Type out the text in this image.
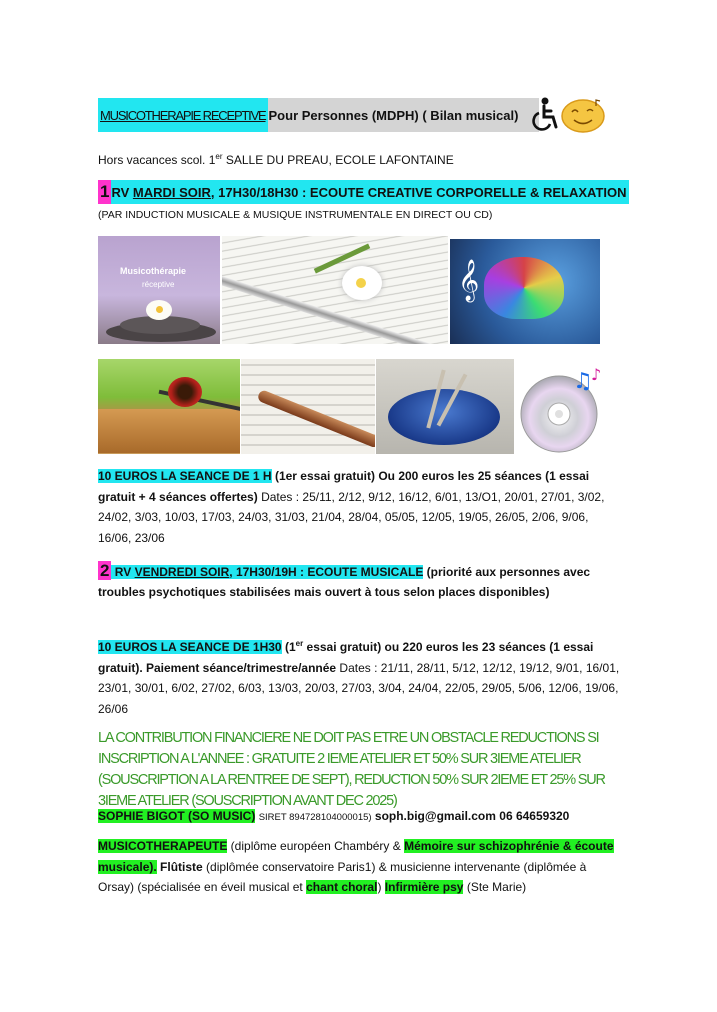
MUSICOTHERAPIE RECEPTIVE Pour Personnes (MDPH) ( Bilan musical)
Hors vacances scol. 1er SALLE DU PREAU, ECOLE LAFONTAINE
1 RV MARDI SOIR , 17H30/18H30 : ECOUTE CREATIVE CORPORELLE & RELAXATION
(PAR INDUCTION MUSICALE & MUSIQUE INSTRUMENTALE EN DIRECT OU CD)
Musicothérapie
réceptive	𝄞
♫
♪
10 EUROS LA SEANCE DE 1 H (1er essai gratuit) Ou 200 euros les 25 séances (1 essai gratuit + 4 séances offertes) Dates : 25/11, 2/12, 9/12, 16/12, 6/01, 13/O1, 20/01, 27/01, 3/02, 24/02, 3/03, 10/03, 17/03, 24/03, 31/03, 21/04, 28/04, 05/05, 12/05, 19/05, 26/05, 2/06, 9/06, 16/06, 23/06
2 RV VENDREDI SOIR, 17H30/19H : ECOUTE MUSICALE (priorité aux personnes avec troubles psychotiques stabilisées mais ouvert à tous selon places disponibles)
10 EUROS LA SEANCE DE 1H30 (1er essai gratuit) ou 220 euros les 23 séances (1 essai gratuit). Paiement séance/trimestre/année Dates : 21/11, 28/11, 5/12, 12/12, 19/12, 9/01, 16/01, 23/01, 30/01, 6/02, 27/02, 6/03, 13/03, 20/03, 27/03, 3/04, 24/04, 22/05, 29/05, 5/06, 12/06, 19/06, 26/06
LA CONTRIBUTION FINANCIERE NE DOIT PAS ETRE UN OBSTACLE REDUCTIONS SI INSCRIPTION A L'ANNEE : GRATUITE 2 IEME ATELIER ET 50% SUR 3IEME ATELIER (SOUSCRIPTION A LA RENTREE DE SEPT), REDUCTION 50% SUR 2IEME ET 25% SUR 3IEME ATELIER (SOUSCRIPTION AVANT DEC 2025)
SOPHIE BIGOT (SO MUSIC) SIRET 894728104000015) soph.big@gmail.com 06 64659320
MUSICOTHERAPEUTE (diplôme européen Chambéry & Mémoire sur schizophrénie & écoute musicale). Flûtiste (diplômée conservatoire Paris1) & musicienne intervenante (diplômée à Orsay) (spécialisée en éveil musical et chant choral) Infirmière psy (Ste Marie)
